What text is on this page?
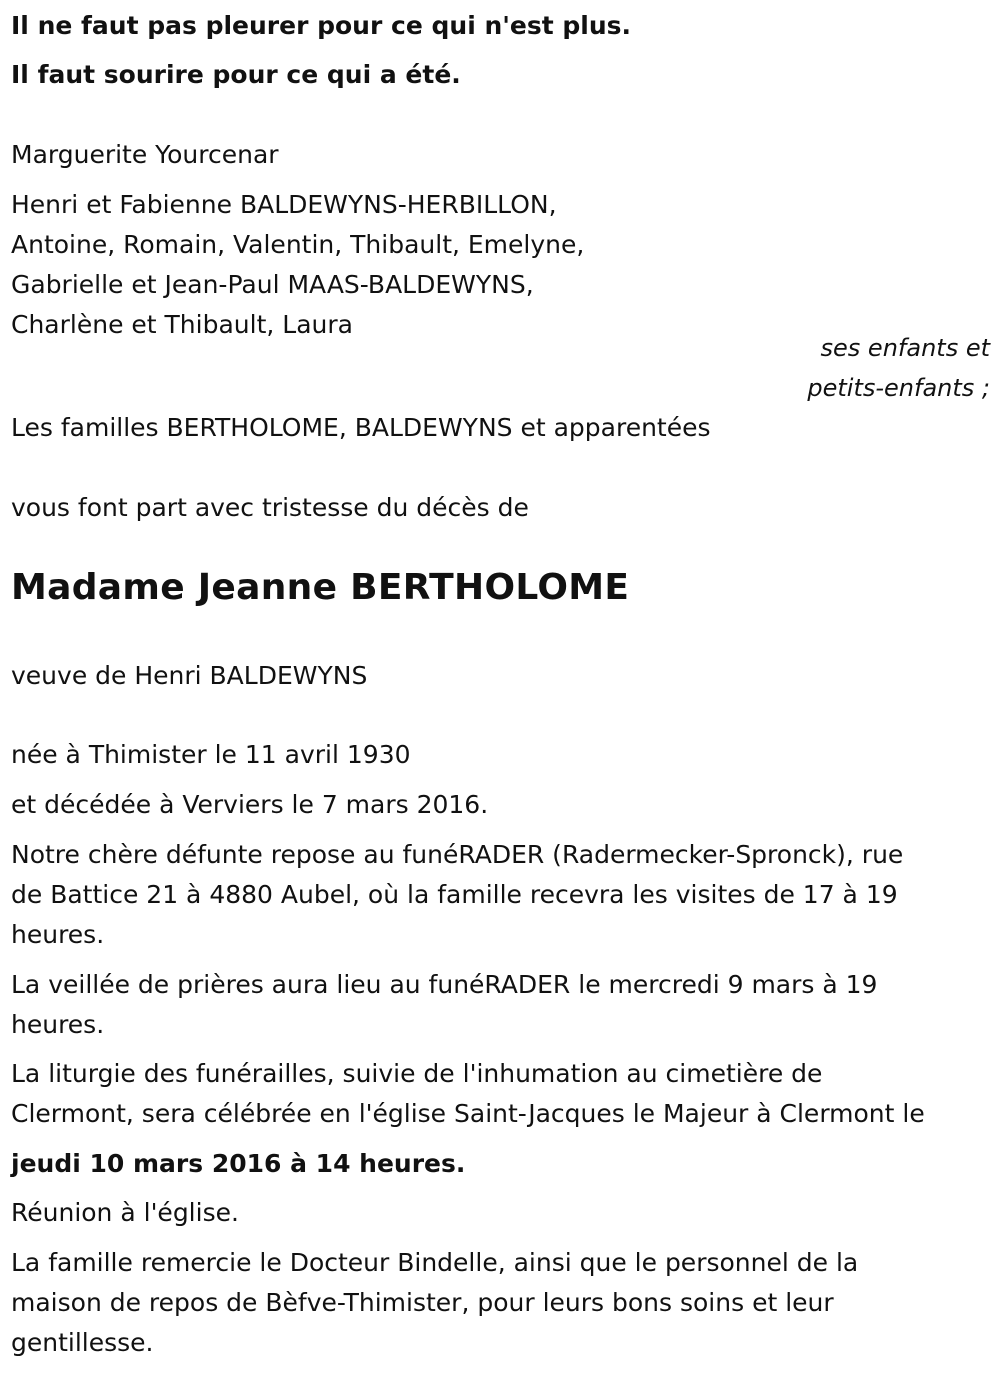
Il ne faut pas pleurer pour ce qui n'est plus.

Il faut sourire pour ce qui a été.

Marguerite Yourcenar

Henri et Fabienne BALDEWYNS-HERBILLON,

Antoine, Romain, Valentin, Thibault, Emelyne,

Gabrielle et Jean-Paul MAAS-BALDEWYNS,

Charlène et Thibault, Laura

ses enfants et

petits-enfants ;

Les familles BERTHOLOME, BALDEWYNS et apparentées

vous font part avec tristesse du décès de

Madame Jeanne BERTHOLOME

veuve de Henri BALDEWYNS

née à Thimister le 11 avril 1930

et décédée à Verviers le 7 mars 2016.

Notre chère défunte repose au funéRADER (Radermecker-Spronck), rue

de Battice 21 à 4880 Aubel, où la famille recevra les visites de 17 à 19

heures.

La veillée de prières aura lieu au funéRADER le mercredi 9 mars à 19

heures.

La liturgie des funérailles, suivie de l'inhumation au cimetière de

Clermont, sera célébrée en l'église Saint-Jacques le Majeur à Clermont le

jeudi 10 mars 2016 à 14 heures.

Réunion à l'église.

La famille remercie le Docteur Bindelle, ainsi que le personnel de la

maison de repos de Bèfve-Thimister, pour leurs bons soins et leur

gentillesse.
